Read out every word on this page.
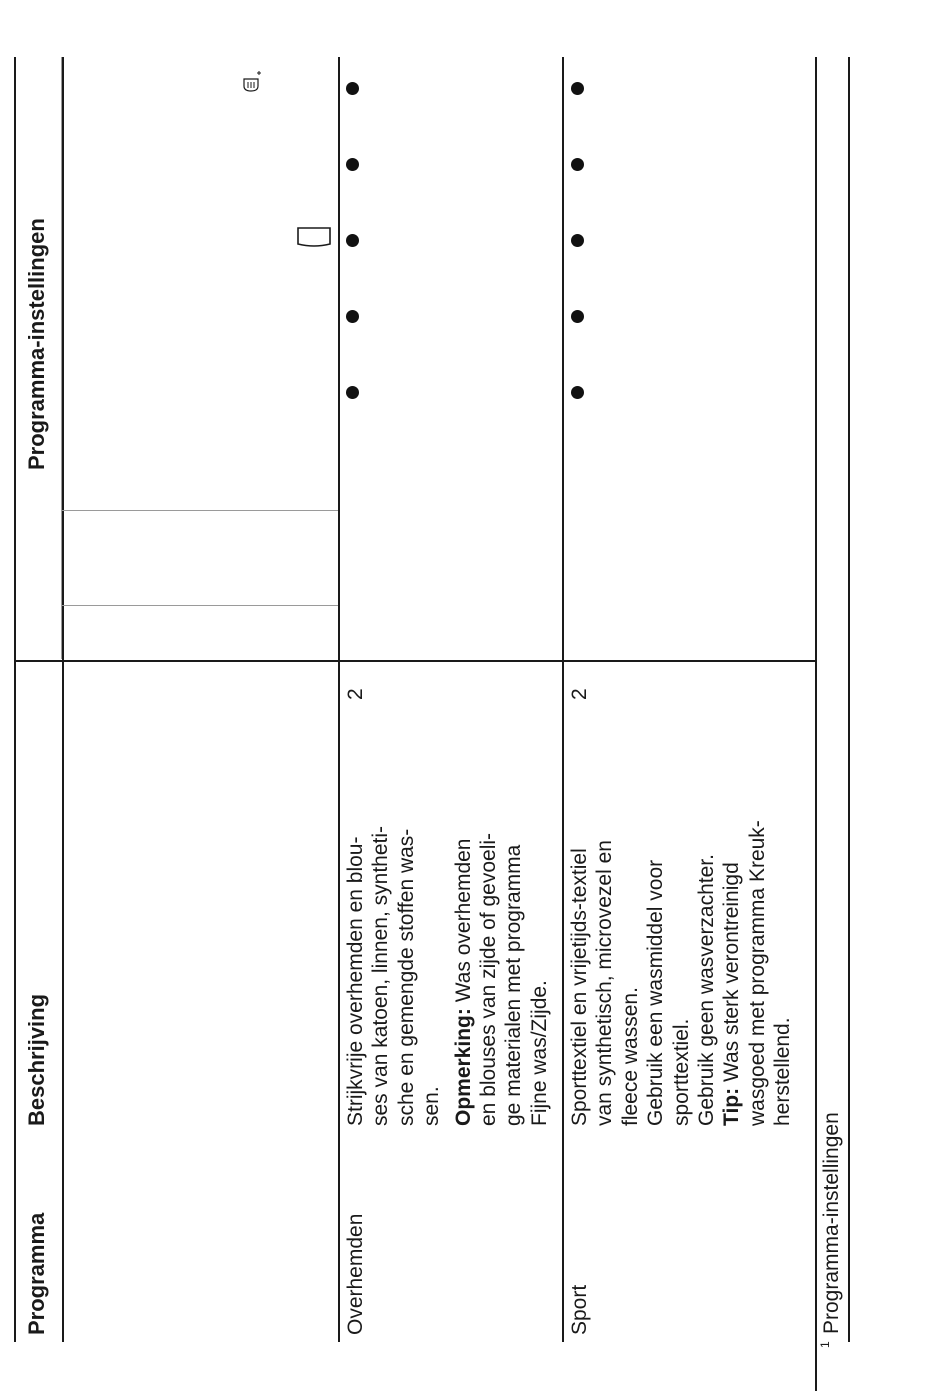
Programma
Beschrijving
Programma-instellingen
Overhemden

Strijkvrije overhemden en blou- ses van katoen, linnen, syntheti- sche en gemengde stoffen was- sen. Opmerking: Was overhemden en blouses van zijde of gevoeli- ge materialen met programma Fijne was/Zijde.

2
Sport

Sporttextiel en vrijetijds-textiel van synthetisch, microvezel en fleece wassen. Gebruik een wasmiddel voor sporttextiel. Gebruik geen wasverzachter. Tip: Was sterk verontreinigd wasgoed met programma Kreuk- herstellend.

2
1
Programma-instellingen
